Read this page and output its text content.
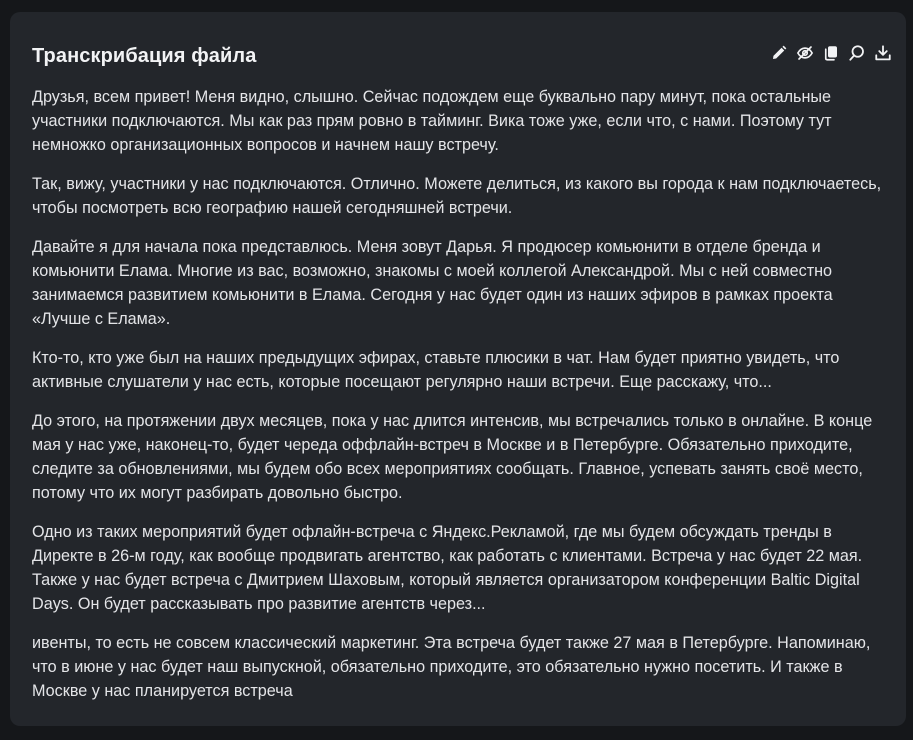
Транскрибация файла

Друзья, всем привет! Меня видно, слышно. Сейчас подождем еще буквально пару минут, пока остальные участники подключаются. Мы как раз прям ровно в тайминг. Вика тоже уже, если что, с нами. Поэтому тут немножко организационных вопросов и начнем нашу встречу.

Так, вижу, участники у нас подключаются. Отлично. Можете делиться, из какого вы города к нам подключаетесь, чтобы посмотреть всю географию нашей сегодняшней встречи.

Давайте я для начала пока представлюсь. Меня зовут Дарья. Я продюсер комьюнити в отделе бренда и комьюнити Елама. Многие из вас, возможно, знакомы с моей коллегой Александрой. Мы с ней совместно занимаемся развитием комьюнити в Елама. Сегодня у нас будет один из наших эфиров в рамках проекта «Лучше с Елама».

Кто-то, кто уже был на наших предыдущих эфирах, ставьте плюсики в чат. Нам будет приятно увидеть, что активные слушатели у нас есть, которые посещают регулярно наши встречи. Еще расскажу, что...

До этого, на протяжении двух месяцев, пока у нас длится интенсив, мы встречались только в онлайне. В конце мая у нас уже, наконец-то, будет череда оффлайн-встреч в Москве и в Петербурге. Обязательно приходите, следите за обновлениями, мы будем обо всех мероприятиях сообщать. Главное, успевать занять своё место, потому что их могут разбирать довольно быстро.

Одно из таких мероприятий будет офлайн-встреча с Яндекс.Рекламой, где мы будем обсуждать тренды в Директе в 26-м году, как вообще продвигать агентство, как работать с клиентами. Встреча у нас будет 22 мая. Также у нас будет встреча с Дмитрием Шаховым, который является организатором конференции Baltic Digital Days. Он будет рассказывать про развитие агентств через...

ивенты, то есть не совсем классический маркетинг. Эта встреча будет также 27 мая в Петербурге. Напоминаю, что в июне у нас будет наш выпускной, обязательно приходите, это обязательно нужно посетить. И также в Москве у нас планируется встреча
